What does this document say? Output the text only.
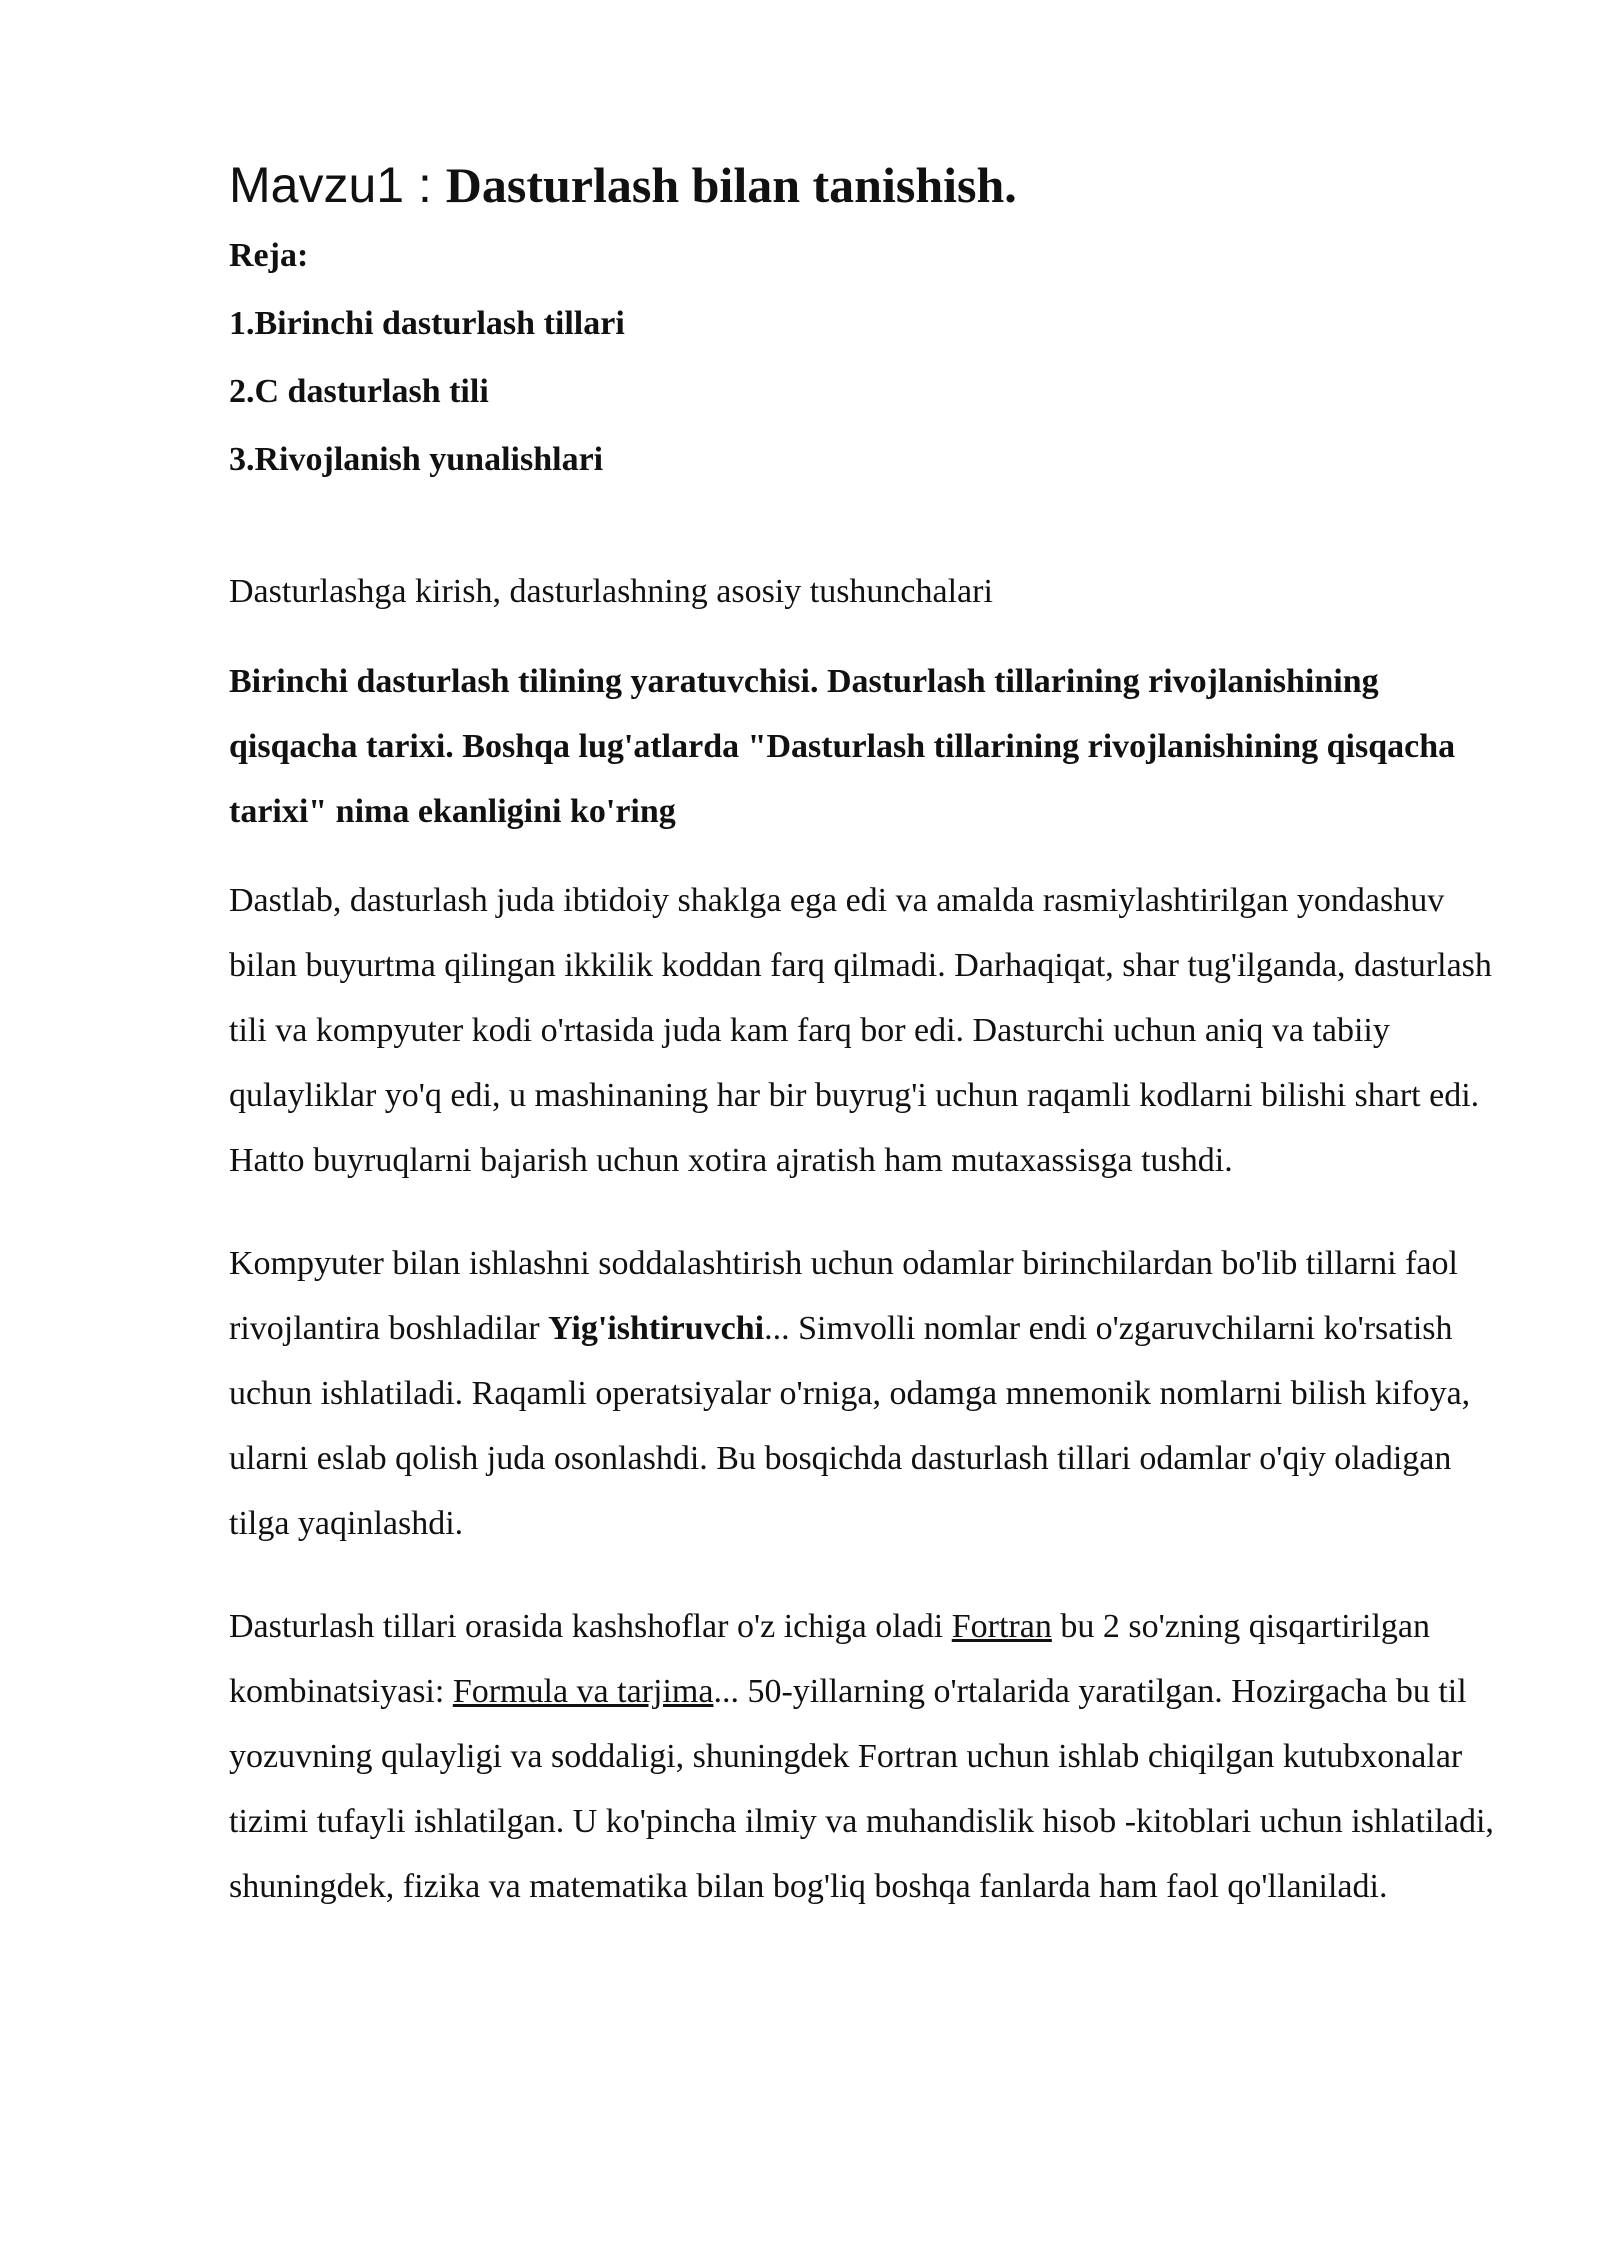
Mavzu1 : Dasturlash bilan tanishish.

Reja:

1.Birinchi dasturlash tillari
2.C dasturlash tili
3.Rivojlanish yunalishlari

Dasturlashga kirish, dasturlashning asosiy tushunchalari

Birinchi dasturlash tilining yaratuvchisi. Dasturlash tillarining rivojlanishining qisqacha tarixi. Boshqa lug'atlarda "Dasturlash tillarining rivojlanishining qisqacha tarixi" nima ekanligini ko'ring

Dastlab, dasturlash juda ibtidoiy shaklga ega edi va amalda rasmiylashtirilgan yondashuv bilan buyurtma qilingan ikkilik koddan farq qilmadi. Darhaqiqat, shar tug'ilganda, dasturlash tili va kompyuter kodi o'rtasida juda kam farq bor edi. Dasturchi uchun aniq va tabiiy qulayliklar yo'q edi, u mashinaning har bir buyrug'i uchun raqamli kodlarni bilishi shart edi. Hatto buyruqlarni bajarish uchun xotira ajratish ham mutaxassisga tushdi.

Kompyuter bilan ishlashni soddalashtirish uchun odamlar birinchilardan bo'lib tillarni faol rivojlantira boshladilar Yig'ishtiruvchi... Simvolli nomlar endi o'zgaruvchilarni ko'rsatish uchun ishlatiladi. Raqamli operatsiyalar o'rniga, odamga mnemonik nomlarni bilish kifoya, ularni eslab qolish juda osonlashdi. Bu bosqichda dasturlash tillari odamlar o'qiy oladigan tilga yaqinlashdi.

Dasturlash tillari orasida kashshoflar o'z ichiga oladi Fortran bu 2 so'zning qisqartirilgan kombinatsiyasi: Formula va tarjima... 50-yillarning o'rtalarida yaratilgan. Hozirgacha bu til yozuvning qulayligi va soddaligi, shuningdek Fortran uchun ishlab chiqilgan kutubxonalar tizimi tufayli ishlatilgan. U ko'pincha ilmiy va muhandislik hisob -kitoblari uchun ishlatiladi, shuningdek, fizika va matematika bilan bog'liq boshqa fanlarda ham faol qo'llaniladi.
